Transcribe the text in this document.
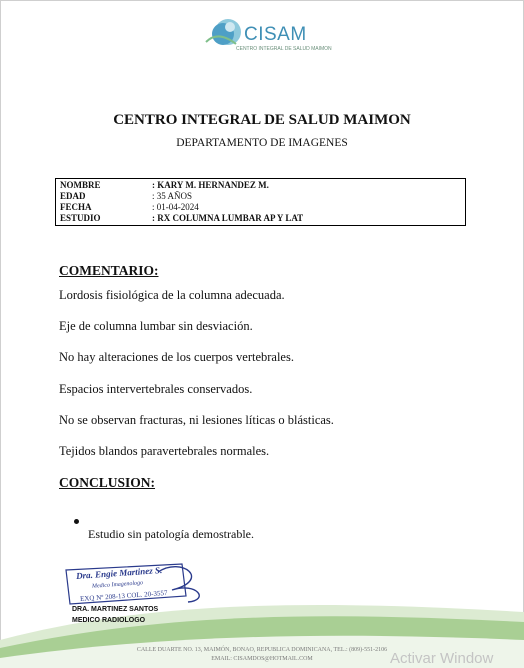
CISAM
CENTRO INTEGRAL DE SALUD MAIMON
CENTRO INTEGRAL DE SALUD MAIMON
DEPARTAMENTO DE IMAGENES
NOMBRE	: KARY M. HERNANDEZ M.
EDAD	: 35 AÑOS
FECHA	: 01-04-2024
ESTUDIO	: RX COLUMNA LUMBAR AP Y LAT
COMENTARIO:
Lordosis fisiológica de la columna adecuada.
Eje de columna lumbar sin desviación.
No hay alteraciones de los cuerpos vertebrales.
Espacios intervertebrales conservados.
No se observan fracturas, ni lesiones líticas o blásticas.
Tejidos blandos paravertebrales normales.
CONCLUSION:
Estudio sin patología demostrable.
Dra. Engie Martinez S.
Medico Imagenologo
EXQ Nº 208-13 COL. 20-3557
DRA. MARTINEZ SANTOS
MEDICO RADIOLOGO
CALLE DUARTE NO. 13, MAIMÓN, BONAO, REPUBLICA DOMINICANA, TEL.: (809)-551-2106
EMAIL: CISAMDOS@HOTMAIL.COM	Activar Window
